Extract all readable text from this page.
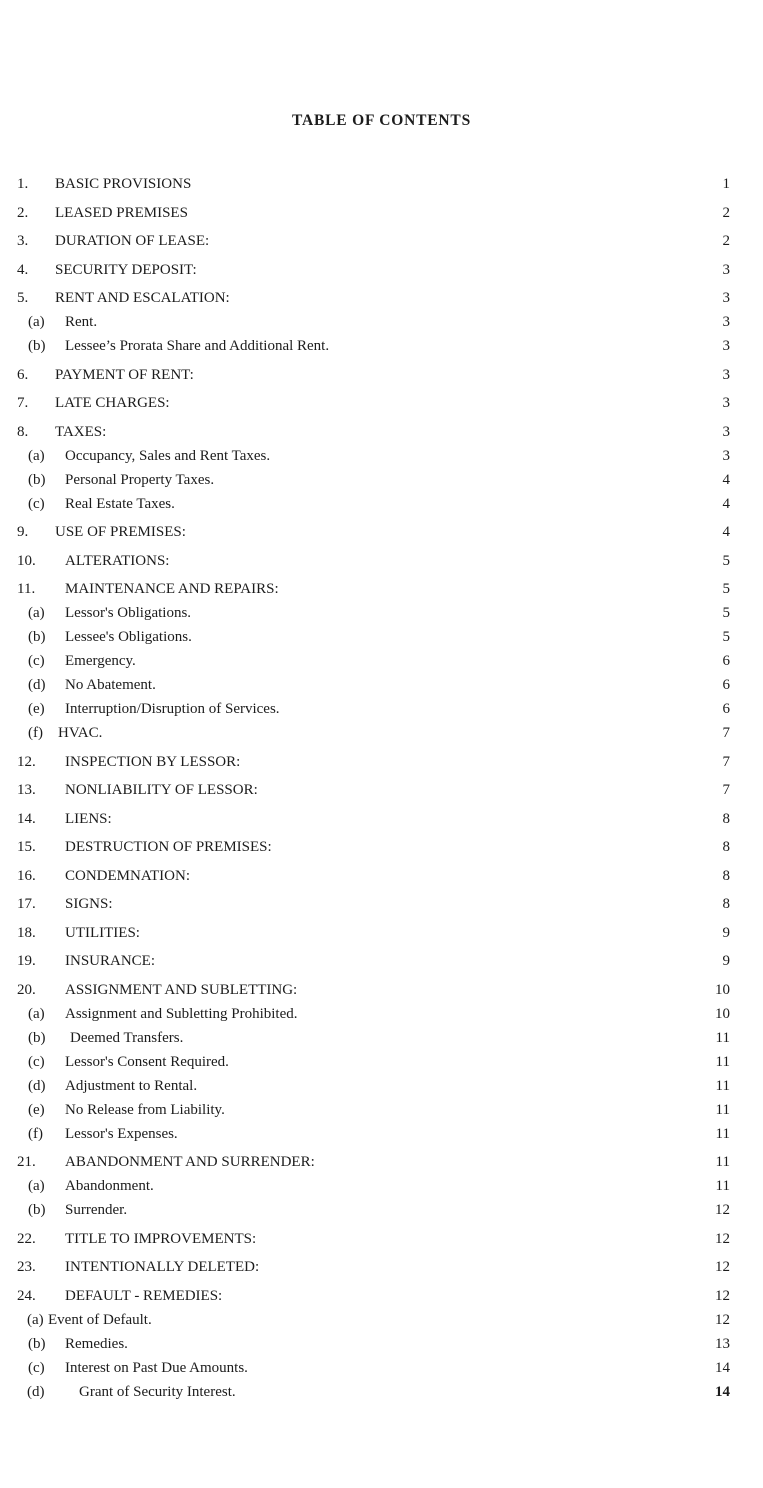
TABLE OF CONTENTS
1.	BASIC PROVISIONS	1
2.	LEASED PREMISES	2
3.	DURATION OF LEASE:	2
4.	SECURITY DEPOSIT:	3
5.	RENT AND ESCALATION:	3
(a)	Rent.	3
(b)	Lessee’s Prorata Share and Additional Rent.	3
6.	PAYMENT OF RENT:	3
7.	LATE CHARGES:	3
8.	TAXES:	3
(a)	Occupancy, Sales and Rent Taxes.	3
(b)	Personal Property Taxes.	4
(c)	Real Estate Taxes.	4
9.	USE OF PREMISES:	4
10.	ALTERATIONS:	5
11.	MAINTENANCE AND REPAIRS:	5
(a)	Lessor's Obligations.	5
(b)	Lessee's Obligations.	5
(c)	Emergency.	6
(d)	No Abatement.	6
(e)	Interruption/Disruption of Services.	6
(f)	HVAC.	7
12.	INSPECTION BY LESSOR:	7
13.	NONLIABILITY OF LESSOR:	7
14.	LIENS:	8
15.	DESTRUCTION OF PREMISES:	8
16.	CONDEMNATION:	8
17.	SIGNS:	8
18.	UTILITIES:	9
19.	INSURANCE:	9
20.	ASSIGNMENT AND SUBLETTING:	10
(a)	Assignment and Subletting Prohibited.	10
(b)	Deemed Transfers.	11
(c)	Lessor's Consent Required.	11
(d)	Adjustment to Rental.	11
(e)	No Release from Liability.	11
(f)	Lessor's Expenses.	11
21.	ABANDONMENT AND SURRENDER:	11
(a)	Abandonment.	11
(b)	Surrender.	12
22.	TITLE TO IMPROVEMENTS:	12
23.	INTENTIONALLY DELETED:	12
24.	DEFAULT - REMEDIES:	12
(a) Event of Default.	12
(b)	Remedies.	13
(c)	Interest on Past Due Amounts.	14
(d)	Grant of Security Interest.	14
